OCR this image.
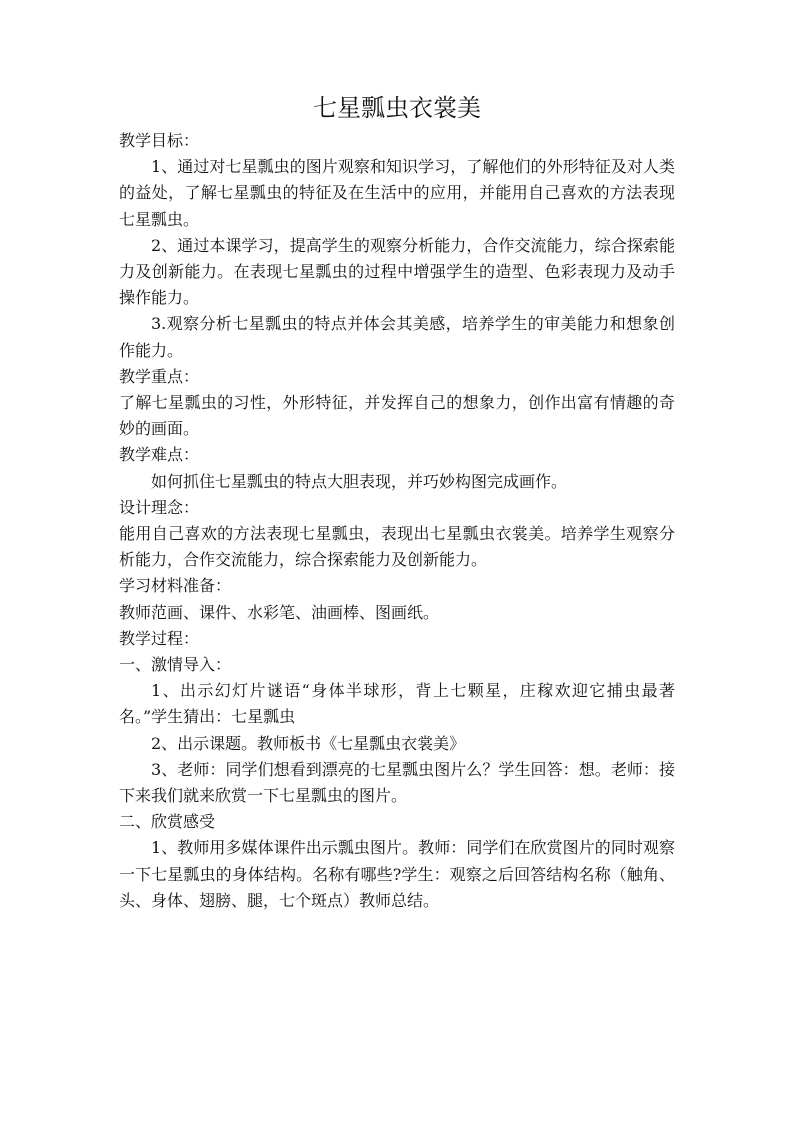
七星瓢虫衣裳美

教学目标：

1、通过对七星瓢虫的图片观察和知识学习，了解他们的外形特征及对人类的益处，了解七星瓢虫的特征及在生活中的应用，并能用自己喜欢的方法表现七星瓢虫。

2、通过本课学习，提高学生的观察分析能力，合作交流能力，综合探索能力及创新能力。在表现七星瓢虫的过程中增强学生的造型、色彩表现力及动手操作能力。

3.观察分析七星瓢虫的特点并体会其美感，培养学生的审美能力和想象创作能力。

教学重点：

了解七星瓢虫的习性，外形特征，并发挥自己的想象力，创作出富有情趣的奇妙的画面。

教学难点：

如何抓住七星瓢虫的特点大胆表现，并巧妙构图完成画作。

设计理念：

能用自己喜欢的方法表现七星瓢虫，表现出七星瓢虫衣裳美。培养学生观察分析能力，合作交流能力，综合探索能力及创新能力。

学习材料准备：

教师范画、课件、水彩笔、油画棒、图画纸。

教学过程：

一、激情导入：

1、出示幻灯片谜语“身体半球形，背上七颗星，庄稼欢迎它捕虫最著名。”学生猜出：七星瓢虫

2、出示课题。教师板书《七星瓢虫衣裳美》

3、老师：同学们想看到漂亮的七星瓢虫图片么？学生回答：想。老师：接下来我们就来欣赏一下七星瓢虫的图片。

二、欣赏感受

1、教师用多媒体课件出示瓢虫图片。教师：同学们在欣赏图片的同时观察一下七星瓢虫的身体结构。名称有哪些?学生：观察之后回答结构名称（触角、头、身体、翅膀、腿，七个斑点）教师总结。
